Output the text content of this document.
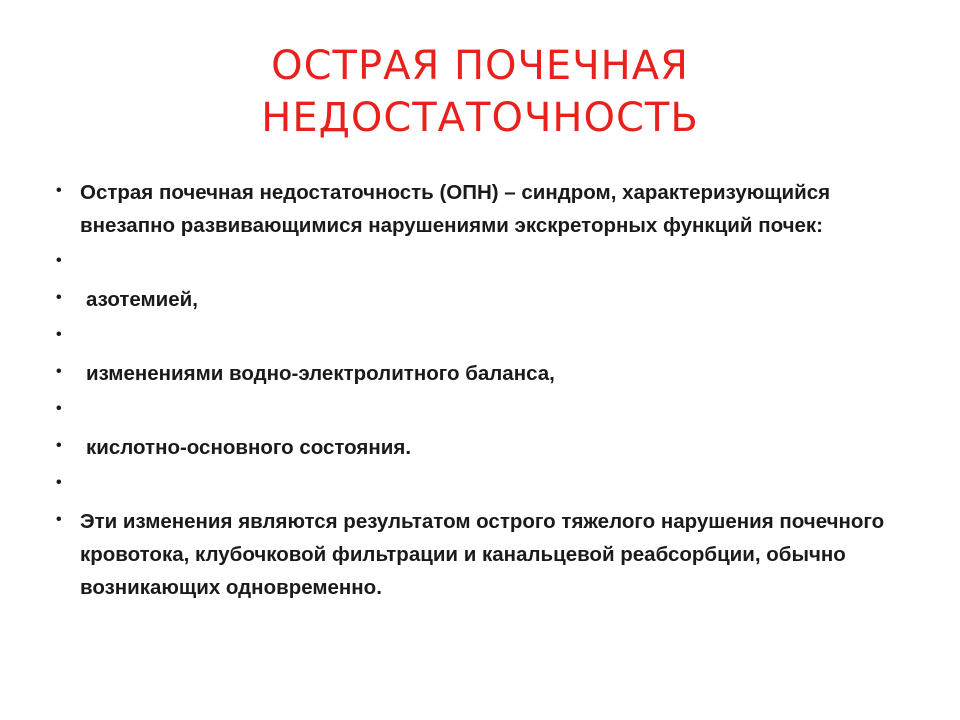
ОСТРАЯ ПОЧЕЧНАЯ
НЕДОСТАТОЧНОСТЬ
• Острая почечная недостаточность (ОПН) – синдром, характеризующийся внезапно развивающимися нарушениями экскреторных функций почек:
•
• азотемией,
•
• изменениями водно-электролитного баланса,
•
• кислотно-основного состояния.
•
• Эти изменения являются результатом острого тяжелого нарушения почечного кровотока, клубочковой фильтрации и канальцевой реабсорбции, обычно возникающих одновременно.
